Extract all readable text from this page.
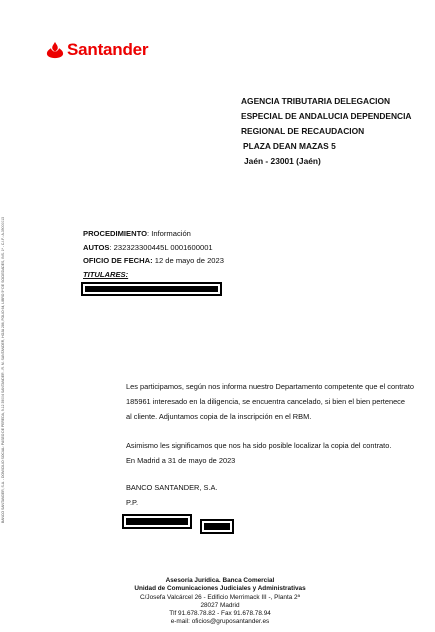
Santander
BANCO SANTANDER, S.A. - DOMICILIO SOCIAL: PASEO DE PEREDA, 9-12 39004 SANTANDER - R. M. SANTANDER, HOJA 286, FOLIO 64, LIBRO 5º DE SOCIEDADES, INS. 1ª - C.I.F.: A-39000013
AGENCIA TRIBUTARIA DELEGACION
ESPECIAL DE ANDALUCIA DEPENDENCIA
REGIONAL DE RECAUDACION
PLAZA DEAN MAZAS 5
Jaén - 23001 (Jaén)
PROCEDIMIENTO: Información
AUTOS: 232323300445L 0001600001
OFICIO DE FECHA: 12 de mayo de 2023
TITULARES:

Les participamos, según nos informa nuestro Departamento competente que el contrato

185961 interesado en la diligencia, se encuentra cancelado, si bien el bien pertenece

al cliente. Adjuntamos copia de la inscripción en el RBM.

Asimismo les significamos que nos ha sido posible localizar la copia del contrato.

En Madrid a 31 de mayo de 2023

BANCO SANTANDER, S.A.

P.P.

Asesoría Jurídica. Banca Comercial
Unidad de Comunicaciones Judiciales y Administrativas
C/Josefa Valcárcel 26 - Edificio Merrimack III -, Planta 2ª
28027 Madrid
Tlf 91.678.78.82 - Fax 91.678.78.94
e-mail: oficios@gruposantander.es
